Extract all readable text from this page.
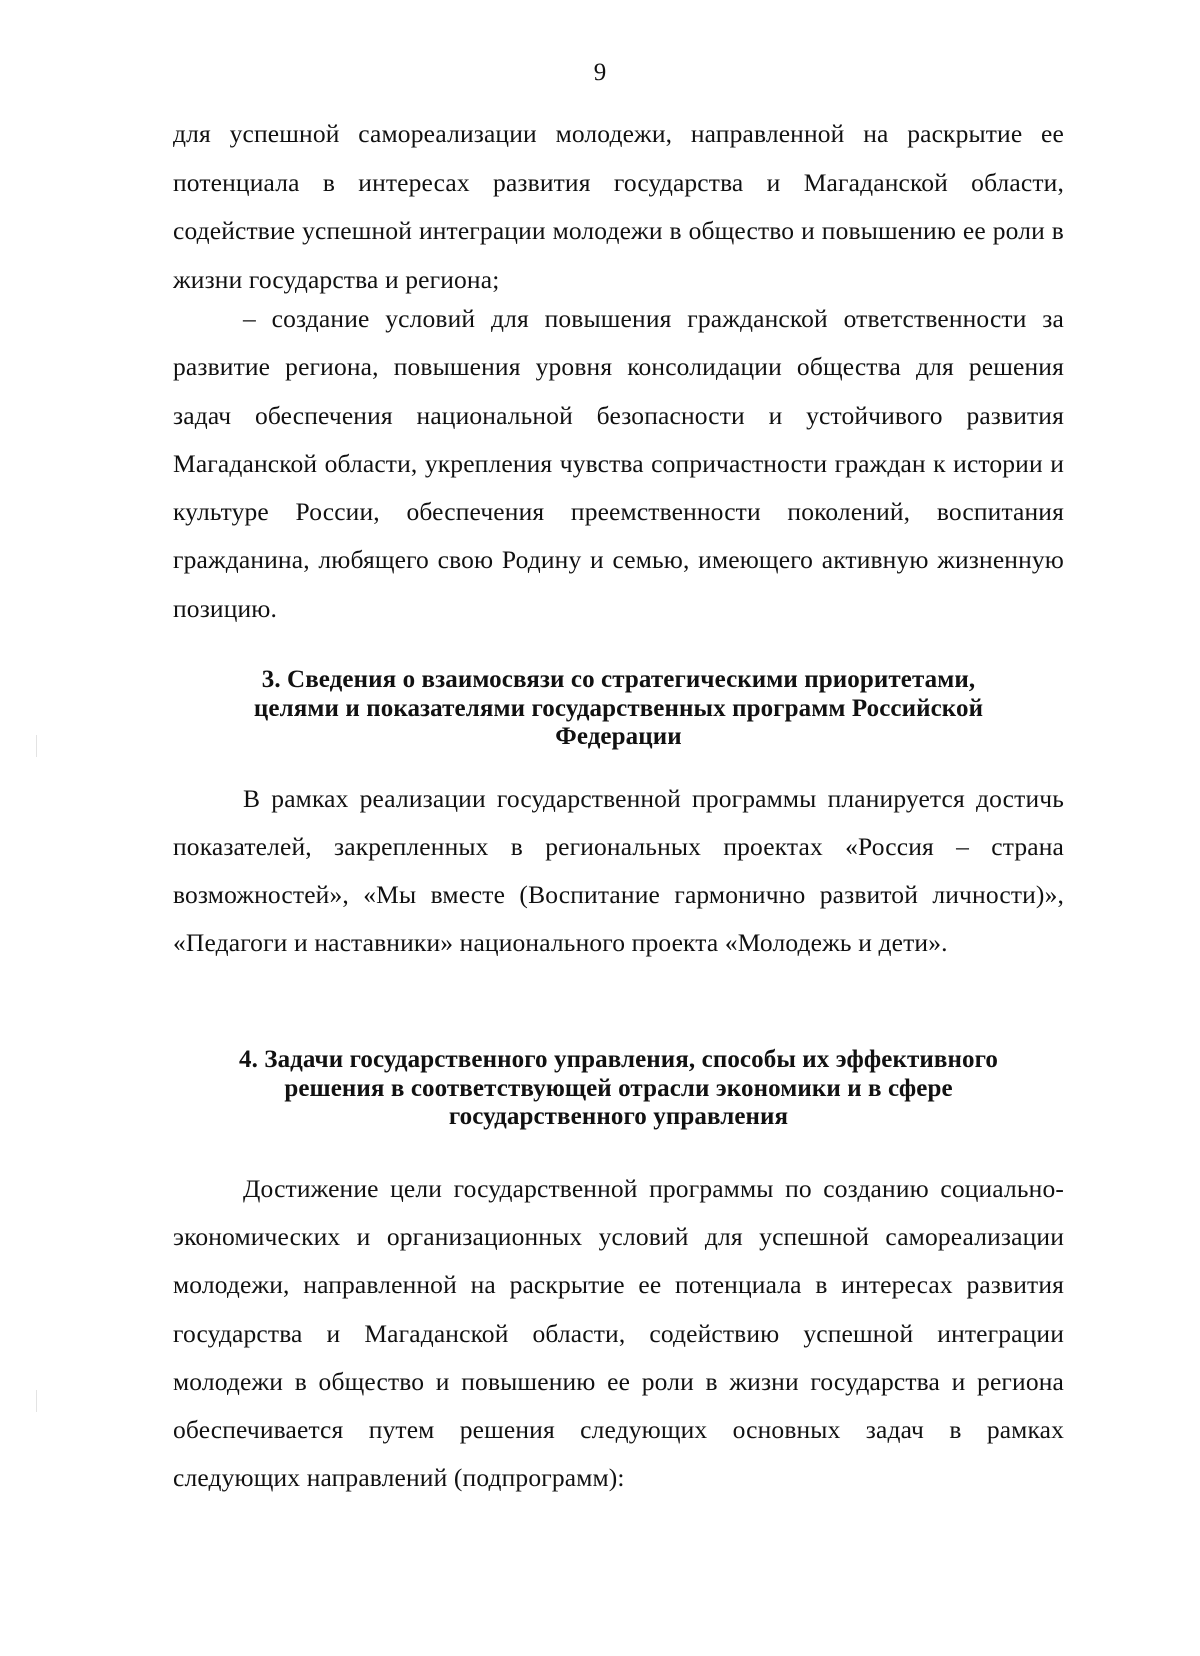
9

для успешной самореализации молодежи, направленной на раскрытие ее потенциала в интересах развития государства и Магаданской области, содействие успешной интеграции молодежи в общество и повышению ее роли в жизни государства и региона;

– создание условий для повышения гражданской ответственности за развитие региона, повышения уровня консолидации общества для решения задач обеспечения национальной безопасности и устойчивого развития Магаданской области, укрепления чувства сопричастности граждан к истории и культуре России, обеспечения преемственности поколений, воспитания гражданина, любящего свою Родину и семью, имеющего активную жизненную позицию.

3. Сведения о взаимосвязи со стратегическими приоритетами,
целями и показателями государственных программ Российской
Федерации

В рамках реализации государственной программы планируется достичь показателей, закрепленных в региональных проектах «Россия – страна возможностей», «Мы вместе (Воспитание гармонично развитой личности)», «Педагоги и наставники» национального проекта «Молодежь и дети».

4. Задачи государственного управления, способы их эффективного
решения в соответствующей отрасли экономики и в сфере
государственного управления

Достижение цели государственной программы по созданию социально-экономических и организационных условий для успешной самореализации молодежи, направленной на раскрытие ее потенциала в интересах развития государства и Магаданской области, содействию успешной интеграции молодежи в общество и повышению ее роли в жизни государства и региона обеспечивается путем решения следующих основных задач в рамках следующих направлений (подпрограмм):
